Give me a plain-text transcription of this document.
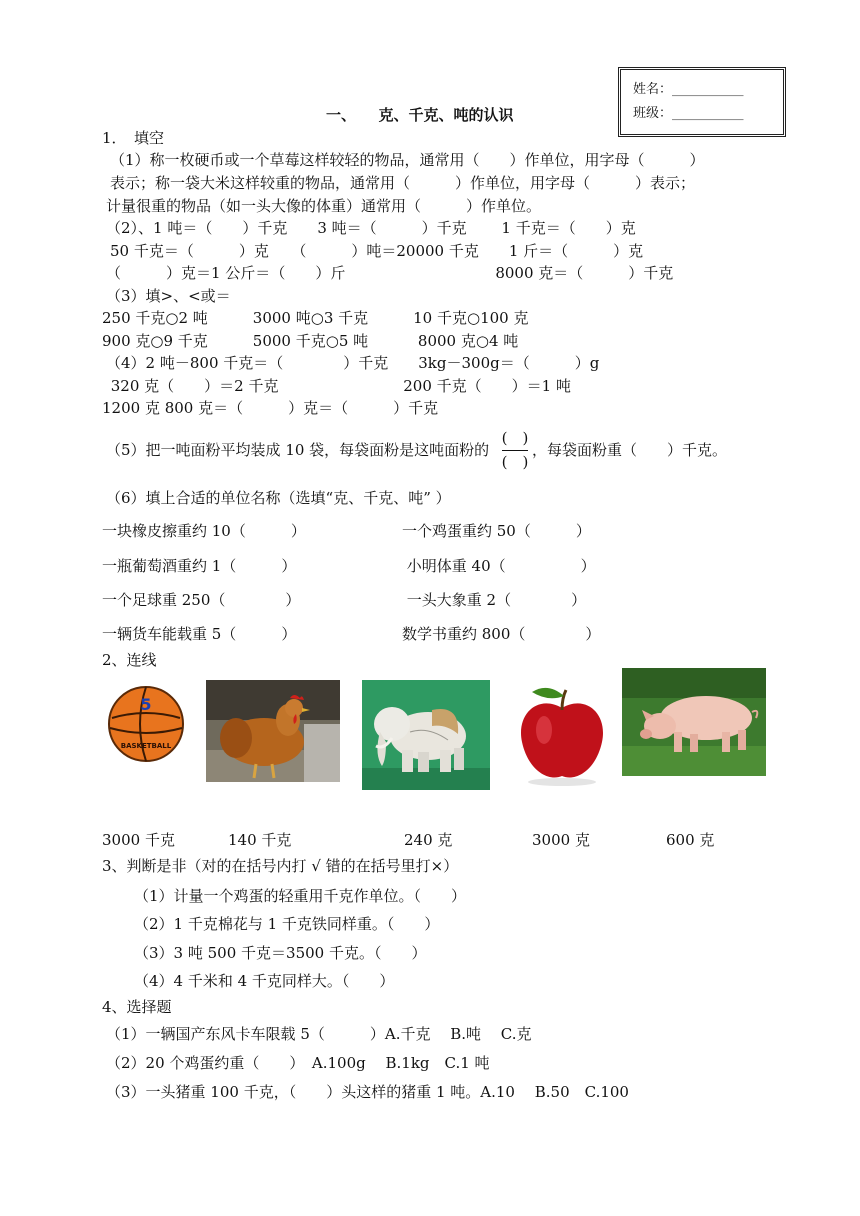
姓名：___________
班级：___________
一、　　克、千克、吨的认识
1．　填空
（1）称一枚硬币或一个草莓这样较轻的物品，通常用（　　）作单位，用字母（　　　）
表示；称一袋大米这样较重的物品，通常用（　　　）作单位，用字母（　　　）表示；
计量很重的物品（如一头大像的体重）通常用（　　　）作单位。
（2）、1 吨＝（　　）千克　　3 吨＝（　　　）千克　　 1 千克＝（　　）克
50 千克＝（　　　）克　　（　　　）吨＝20000 千克　　1 斤＝（　　　）克
（　　　）克＝1 公斤＝（　　）斤　　　　　　　　　　8000 克＝（　　　）千克
（3）填>、<或＝
250 千克○2 吨　　　3000 吨○3 千克　　　10 千克○100 克
900 克○9 千克　　　5000 千克○5 吨　　　 8000 克○4 吨
（4）2 吨－800 千克＝（　　　　）千克　　3kg－300g＝（　　　）g
320 克（　　）＝2 千克　　　　　　　　 200 千克（　　）＝1 吨
1200 克 800 克＝（　　　）克＝（　　　）千克
（5）把一吨面粉平均装成 10 袋，每袋面粉是这吨面粉的
(　)
(　)
，每袋面粉重（　　）千克。
（6）填上合适的单位名称（选填“克、千克、吨” ）
一块橡皮擦重约 10（　　　）	一个鸡蛋重约 50（　　　）
一瓶葡萄酒重约 1（　　　）	小明体重 40（　　　　　）
一个足球重 250（　　　　）	一头大象重 2（　　　　）
一辆货车能载重 5（　　　）	数学书重约 800（　　　　）
2、连线
5
BASKETBALL
3000 千克	140 千克	240 克	3000 克	600 克
3、判断是非（对的在括号内打 √ 错的在括号里打×）
（1）计量一个鸡蛋的轻重用千克作单位。（　　）
（2）1 千克棉花与 1 千克铁同样重。（　　）
（3）3 吨 500 千克＝3500 千克。（　　）
（4）4 千米和 4 千克同样大。（　　）
4、选择题
（1）一辆国产东风卡车限载 5（　　　）A.千克　 B.吨　 C.克
（2）20 个鸡蛋约重（　　）　A.100g　 B.1kg　C.1 吨
（3）一头猪重 100 千克，（　　）头这样的猪重 1 吨。A.10　 B.50　C.100
